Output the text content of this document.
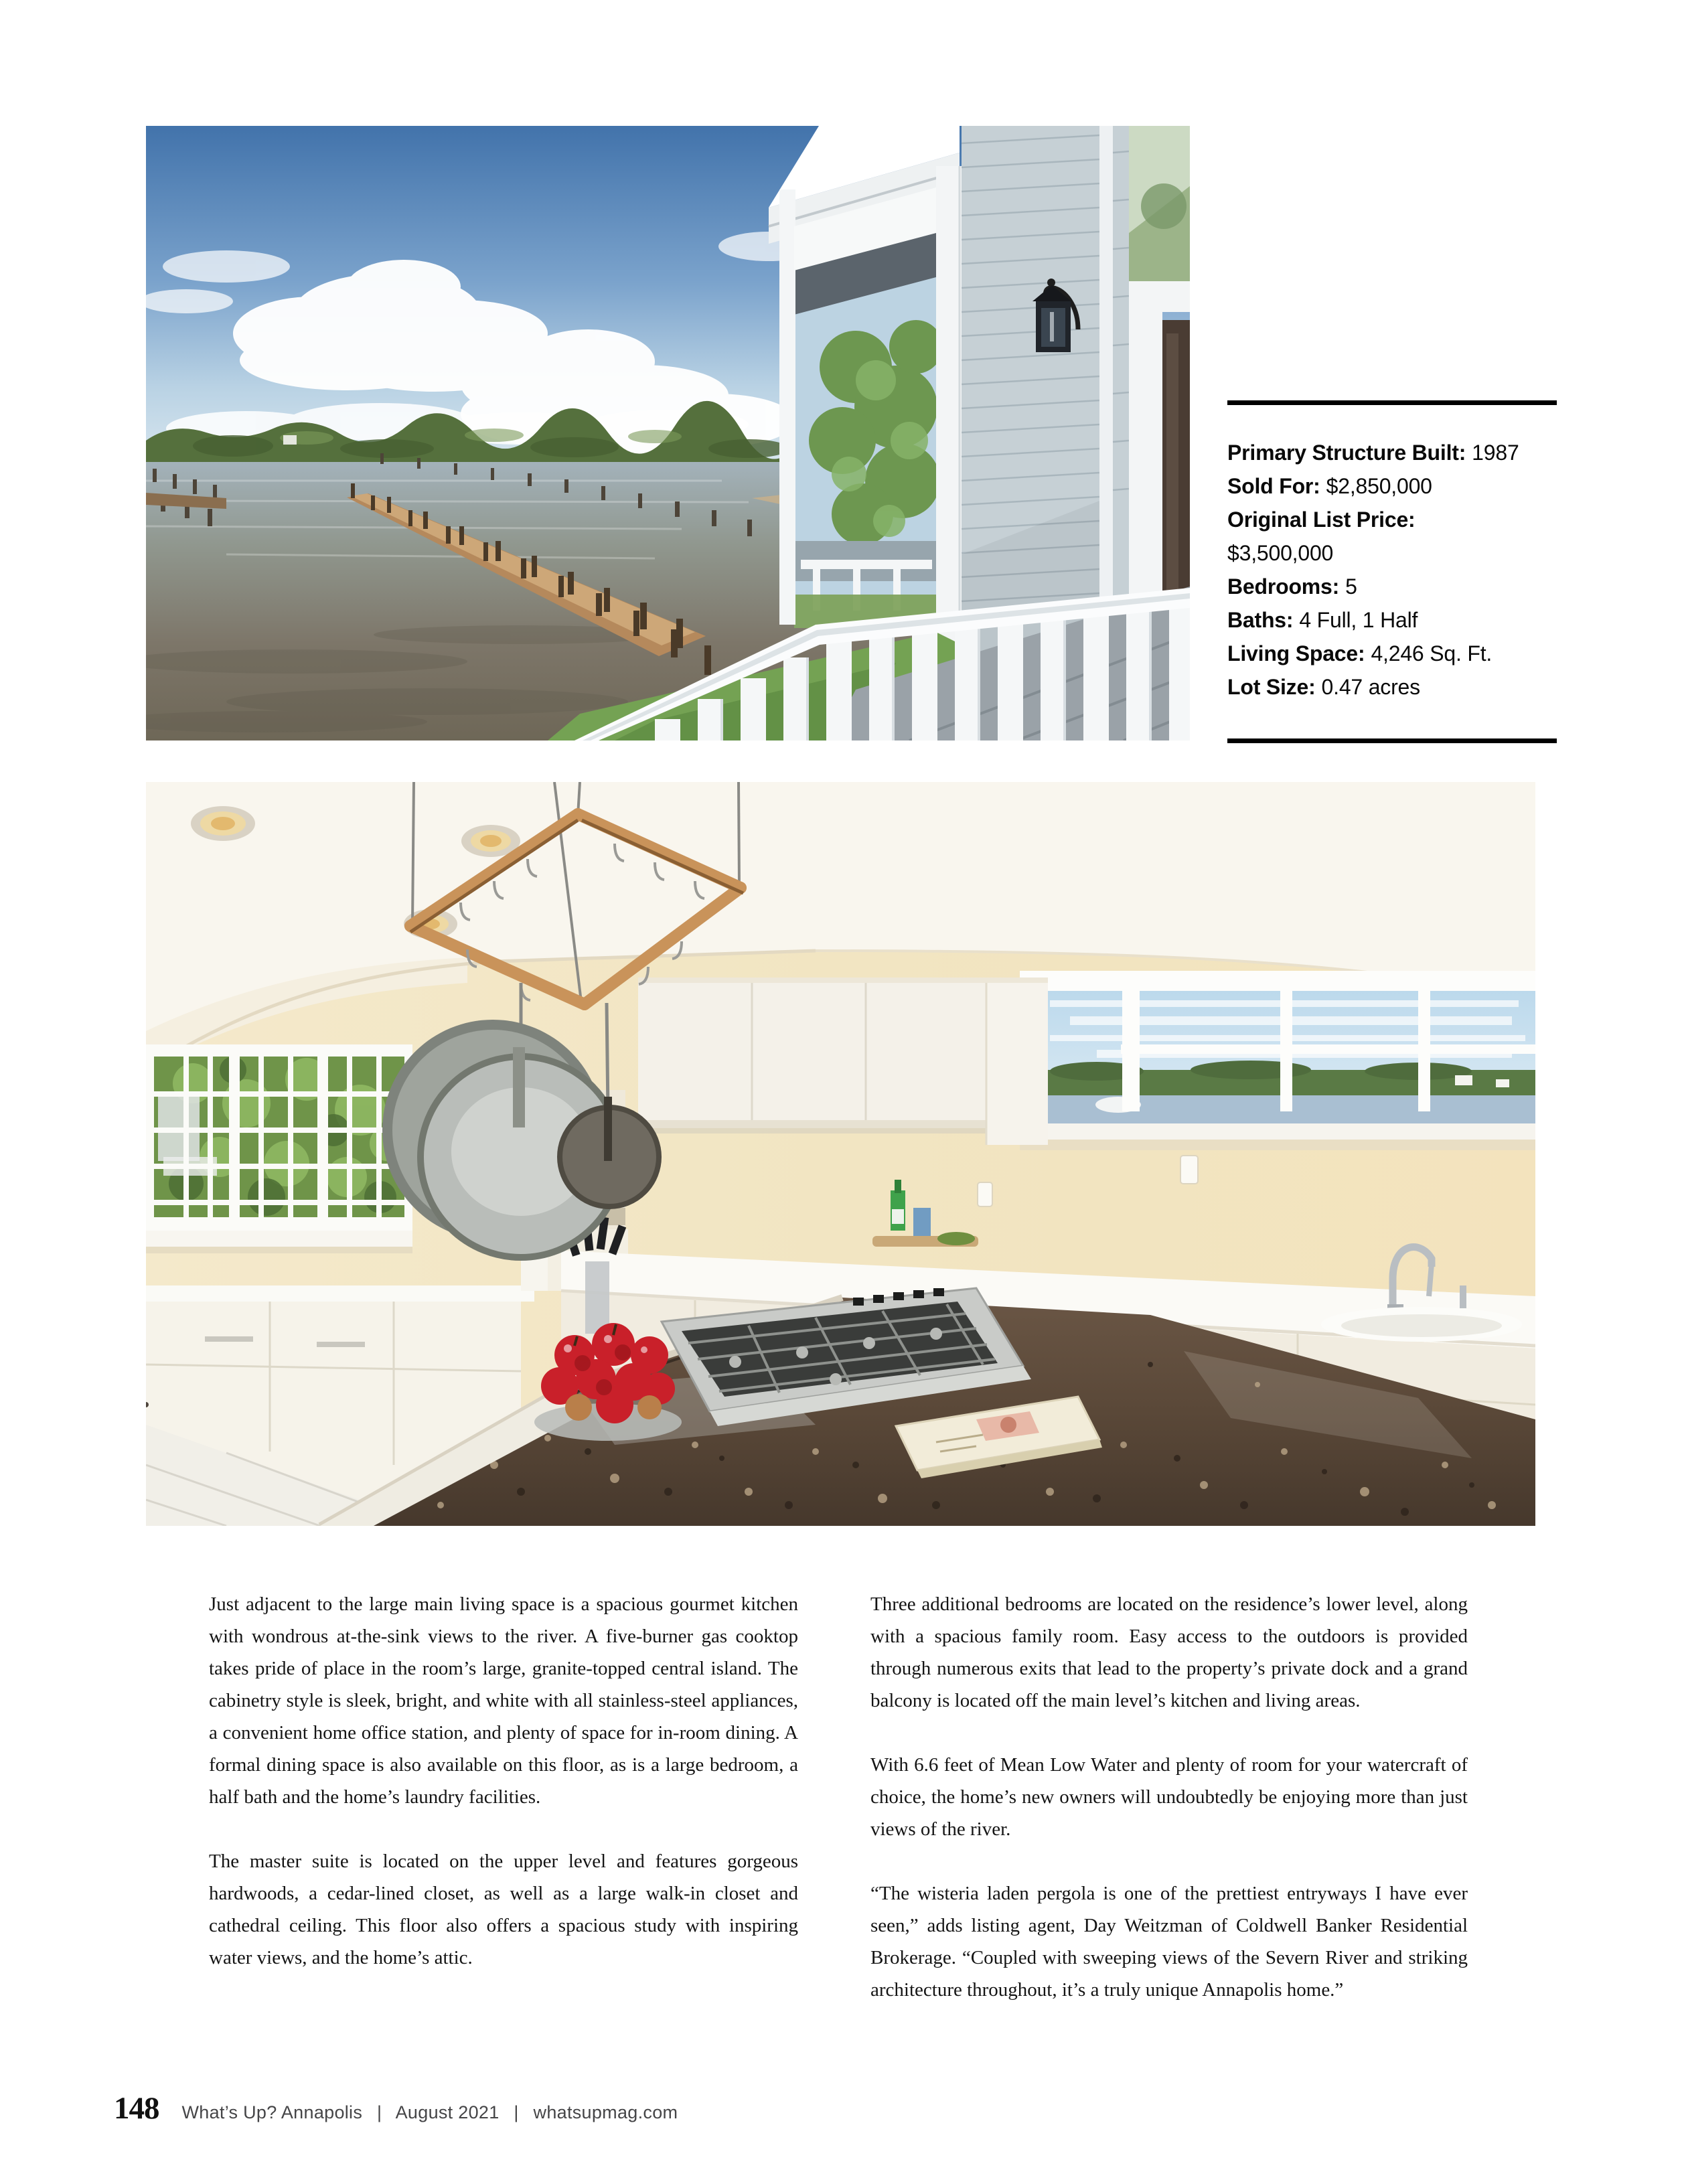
Primary Structure Built: 1987
Sold For: $2,850,000
Original List Price:
$3,500,000
Bedrooms: 5
Baths: 4 Full, 1 Half
Living Space: 4,246 Sq. Ft.
Lot Size: 0.47 acres

Just adjacent to the large main living space is a spacious gourmet kitchen with wondrous at-the-sink views to the river. A five-burner gas cooktop takes pride of place in the room’s large, granite-topped central island. The cabinetry style is sleek, bright, and white with all stainless-steel appliances, a convenient home office station, and plenty of space for in-room dining. A formal dining space is also available on this floor, as is a large bedroom, a half bath and the home’s laundry facilities.

The master suite is located on the upper level and features gorgeous hardwoods, a cedar-lined closet, as well as a large walk-in closet and cathedral ceiling. This floor also offers a spacious study with inspiring water views, and the home’s attic.

Three additional bedrooms are located on the residence’s lower level, along with a spacious family room. Easy access to the outdoors is provided through numerous exits that lead to the property’s private dock and a grand balcony is located off the main level’s kitchen and living areas.

With 6.6 feet of Mean Low Water and plenty of room for your watercraft of choice, the home’s new owners will undoubtedly be enjoying more than just views of the river.

“The wisteria laden pergola is one of the prettiest entryways I have ever seen,” adds listing agent, Day Weitzman of Coldwell Banker Residential Brokerage. “Coupled with sweeping views of the Severn River and striking architecture throughout, it’s a truly unique Annapolis home.”

148 What’s Up? Annapolis | August 2021 | whatsupmag.com
